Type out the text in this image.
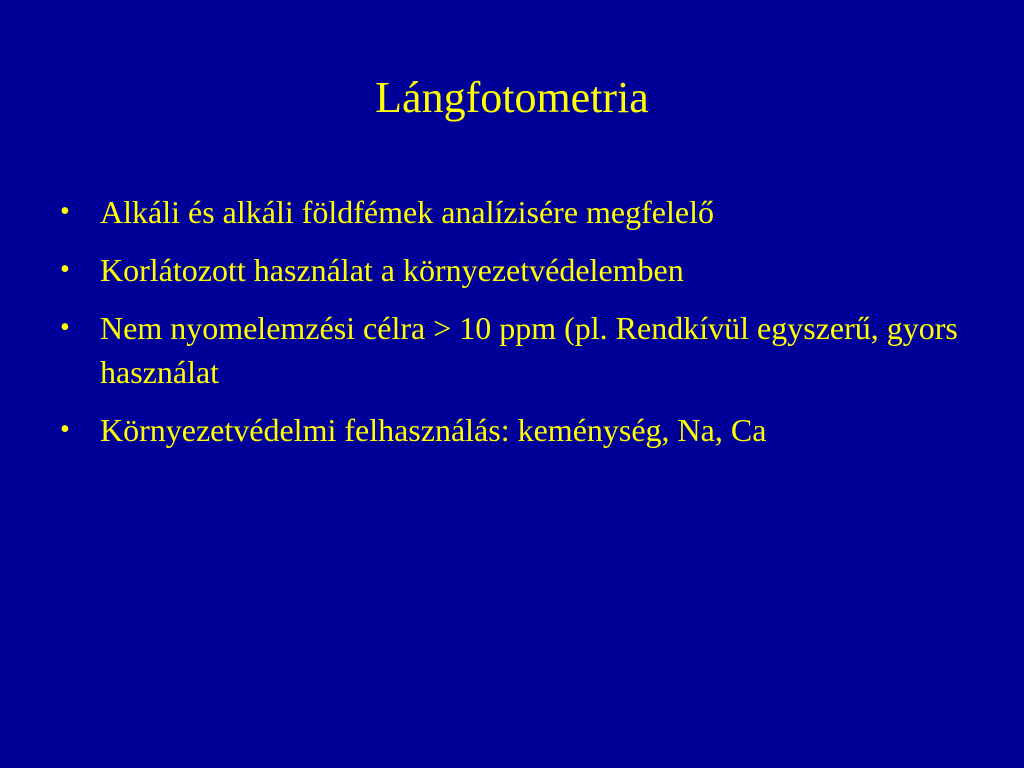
Lángfotometria
• Alkáli és alkáli földfémek analízisére megfelelő
• Korlátozott használat a környezetvédelemben
• Nem nyomelemzési célra > 10 ppm (pl. Rendkívül egyszerű, gyors használat
• Környezetvédelmi felhasználás: keménység, Na, Ca
